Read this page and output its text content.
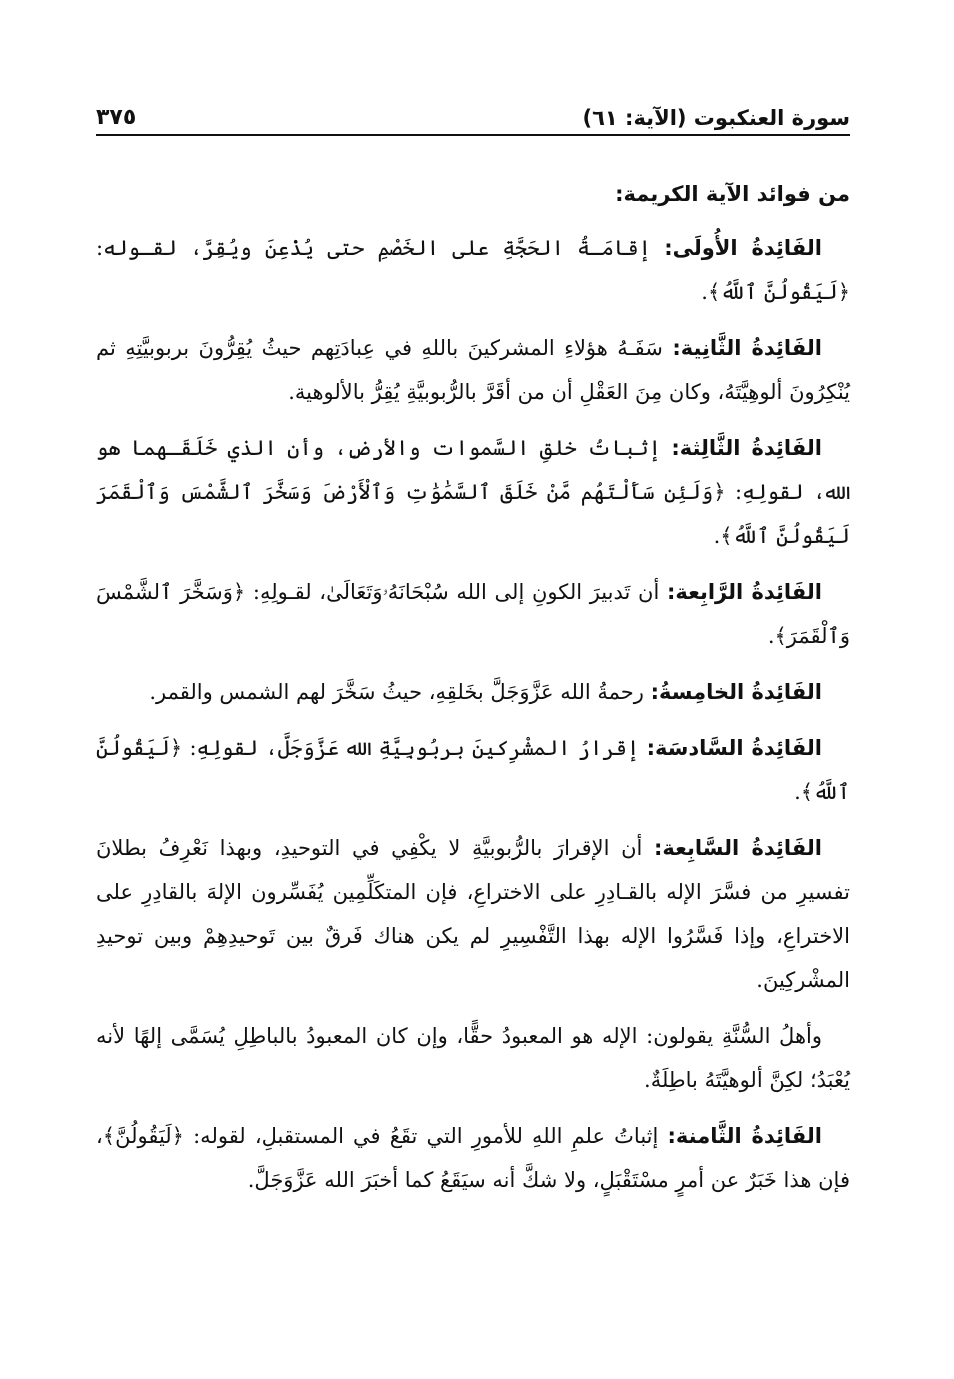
سورة العنكبوت (الآية: ٦١)
٣٧٥
من فوائد الآية الكريمة:

الفَائِدةُ الأُولَى: إقامَـةُ الحَجَّةِ على الخَصْمِ حتى يُذْعِنَ ويُقِرَّ، لقـوله: ﴿لَيَقُولُنَّ ٱللَّهُ﴾.

الفَائِدةُ الثَّانِية: سَفَـهُ هؤلاءِ المشركينَ باللهِ في عِبادَتِهم حيثُ يُقِرُّونَ بربوبيَّتِهِ ثم يُنْكِرُونَ ألوهِيَّتَهُ، وكان مِنَ العَقْلِ أن من أقَرَّ بالرُّبوبيَّةِ يُقِرُّ بالألوهية.

الفَائِدةُ الثَّالِثة: إثباتُ خلقِ السَّموات والأرضِ، وأن الذي خَلَقَـهما هو الله، لقولِهِ: ﴿وَلَئِن سَأَلْتَهُم مَّنْ خَلَقَ ٱلسَّمَٰوَٰتِ وَٱلْأَرْضَ وَسَخَّرَ ٱلشَّمْسَ وَٱلْقَمَرَ لَيَقُولُنَّ ٱللَّهُ﴾.

الفَائِدةُ الرَّابِعة: أن تَدبيرَ الكونِ إلى الله سُبْحَانَهُۥوَتَعَالَىٰ، لقـولِهِ: ﴿وَسَخَّرَ ٱلشَّمْسَ وَٱلْقَمَرَ﴾.

الفَائِدةُ الخامِسةُ: رحمةُ الله عَزَّوَجَلَّ بخَلقِهِ، حيثُ سَخَّرَ لهم الشمس والقمر.

الفَائِدةُ السَّادسَة: إقرارُ المشْرِكينَ بربُوبِيَّةِ الله عَزَّوَجَلَّ، لقولِهِ: ﴿لَيَقُولُنَّ ٱللَّهُ﴾.

الفَائِدةُ السَّابِعة: أن الإقرارَ بالرُّبوبيَّةِ لا يكْفِي في التوحيدِ، وبهذا نَعْرِفُ بطلانَ تفسيرِ من فسَّرَ الإله بالقـادِرِ على الاختراعِ، فإن المتكَلِّمِين يُفَسِّرون الإلهَ بالقادِرِ على الاختراعِ، وإذا فَسَّرُوا الإله بهذا التَّفْسِيرِ لم يكن هناك فَرقٌ بين تَوحيدِهِمْ وبين توحيدِ المشْركِينَ.

وأهلُ السُّنَّةِ يقولون: الإله هو المعبودُ حقًّا، وإن كان المعبودُ بالباطِلِ يُسَمَّى إلهًا لأنه يُعْبَدُ؛ لكِنَّ ألوهيَّتَهُ باطِلَةٌ.

الفَائِدةُ الثَّامنة: إثباتُ علمِ اللهِ للأمورِ التي تقَعُ في المستقبلِ، لقوله: ﴿لَيَقُولُنَّ﴾، فإن هذا خَبَرٌ عن أمرٍ مسْتَقْبَلٍ، ولا شكَّ أنه سيَقَعُ كما أخبَرَ الله عَزَّوَجَلَّ.
